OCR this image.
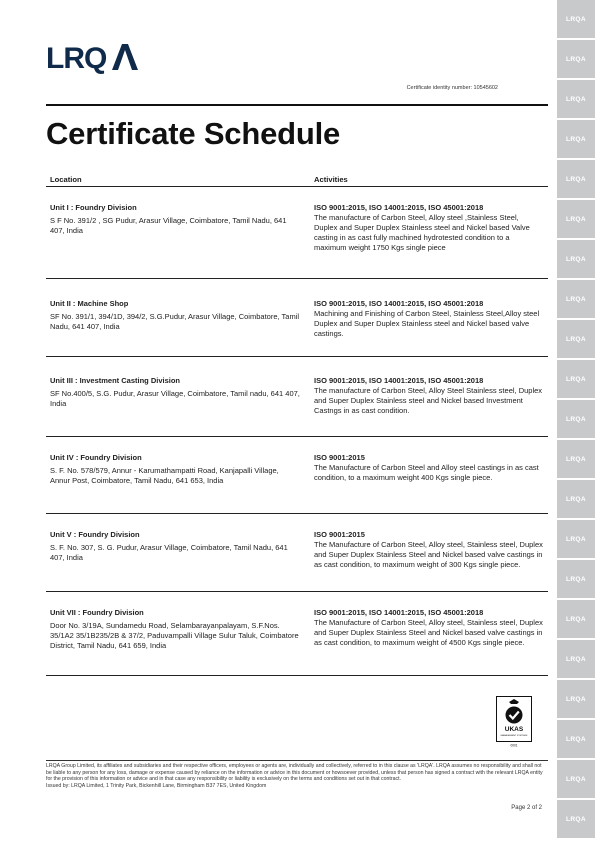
LRQ
Certificate identity number: 10545602
Certificate Schedule
Location	Activities
Unit I : Foundry Division
S F No. 391/2 , SG Pudur, Arasur Village, Coimbatore, Tamil Nadu, 641 407, India
ISO 9001:2015, ISO 14001:2015, ISO 45001:2018
The manufacture of Carbon Steel, Alloy steel ,Stainless Steel, Duplex and Super Duplex Stainless steel and Nickel based Valve casting in as cast fully machined hydrotested condition to a maximum weight 1750 Kgs single piece
Unit II : Machine Shop
SF No. 391/1, 394/1D, 394/2, S.G.Pudur, Arasur Village, Coimbatore, Tamil Nadu, 641 407, India
ISO 9001:2015, ISO 14001:2015, ISO 45001:2018
Machining and Finishing of Carbon Steel, Stainless Steel,Alloy steel Duplex and Super Duplex Stainless steel and Nickel based valve castings.
Unit III : Investment Casting Division
SF No.400/5, S.G. Pudur, Arasur Village, Coimbatore, Tamil nadu, 641 407, India
ISO 9001:2015, ISO 14001:2015, ISO 45001:2018
The manufacture of Carbon Steel, Alloy Steel Stainless steel, Duplex and Super Duplex Stainless steel and Nickel based Investment Castngs in as cast condition.
Unit IV : Foundry Division
S. F. No. 578/579, Annur - Karumathampatti Road, Kanjapalli Village, Annur Post, Coimbatore, Tamil Nadu, 641 653, India
ISO 9001:2015
The Manufacture of Carbon Steel and Alloy steel castings in as cast condition, to a maximum weight 400 Kgs single piece.
Unit V : Foundry Division
S. F. No. 307, S. G. Pudur, Arasur Village, Coimbatore, Tamil Nadu, 641 407, India
ISO 9001:2015
The Manufacture of Carbon Steel, Alloy steel, Stainless steel, Duplex and Super Duplex Stainless Steel and Nickel based valve castings in as cast condition, to maximum weight of 300 Kgs single piece.
Unit VII : Foundry Division
Door No. 3/19A, Sundamedu Road, Selambarayanpalayam, S.F.Nos. 35/1A2 35/1B235/2B & 37/2, Paduvampalli Village Sulur Taluk, Coimbatore District, Tamil Nadu, 641 659, India
ISO 9001:2015, ISO 14001:2015, ISO 45001:2018
The Manufacture of Carbon Steel, Alloy steel, Stainless steel, Duplex and Super Duplex Stainless Steel and Nickel based valve castings in as cast condition, to maximum weight of 4500 Kgs single piece.
UKAS
MANAGEMENT SYSTEMS
0001
LRQA Group Limited, its affiliates and subsidiaries and their respective officers, employees or agents are, individually and collectively, referred to in this clause as 'LRQA'. LRQA assumes no responsibility and shall not be liable to any person for any loss, damage or expense caused by reliance on the information or advice in this document or howsoever provided, unless that person has signed a contract with the relevant LRQA entity for the provision of this information or advice and in that case any responsibility or liability is exclusively on the terms and conditions set out in that contract.
Issued by: LRQA Limited, 1 Trinity Park, Bickenhill Lane, Birmingham B37 7ES, United Kingdom
Page 2 of 2
LRQA
LRQA
LRQA
LRQA
LRQA
LRQA
LRQA
LRQA
LRQA
LRQA
LRQA
LRQA
LRQA
LRQA
LRQA
LRQA
LRQA
LRQA
LRQA
LRQA
LRQA
